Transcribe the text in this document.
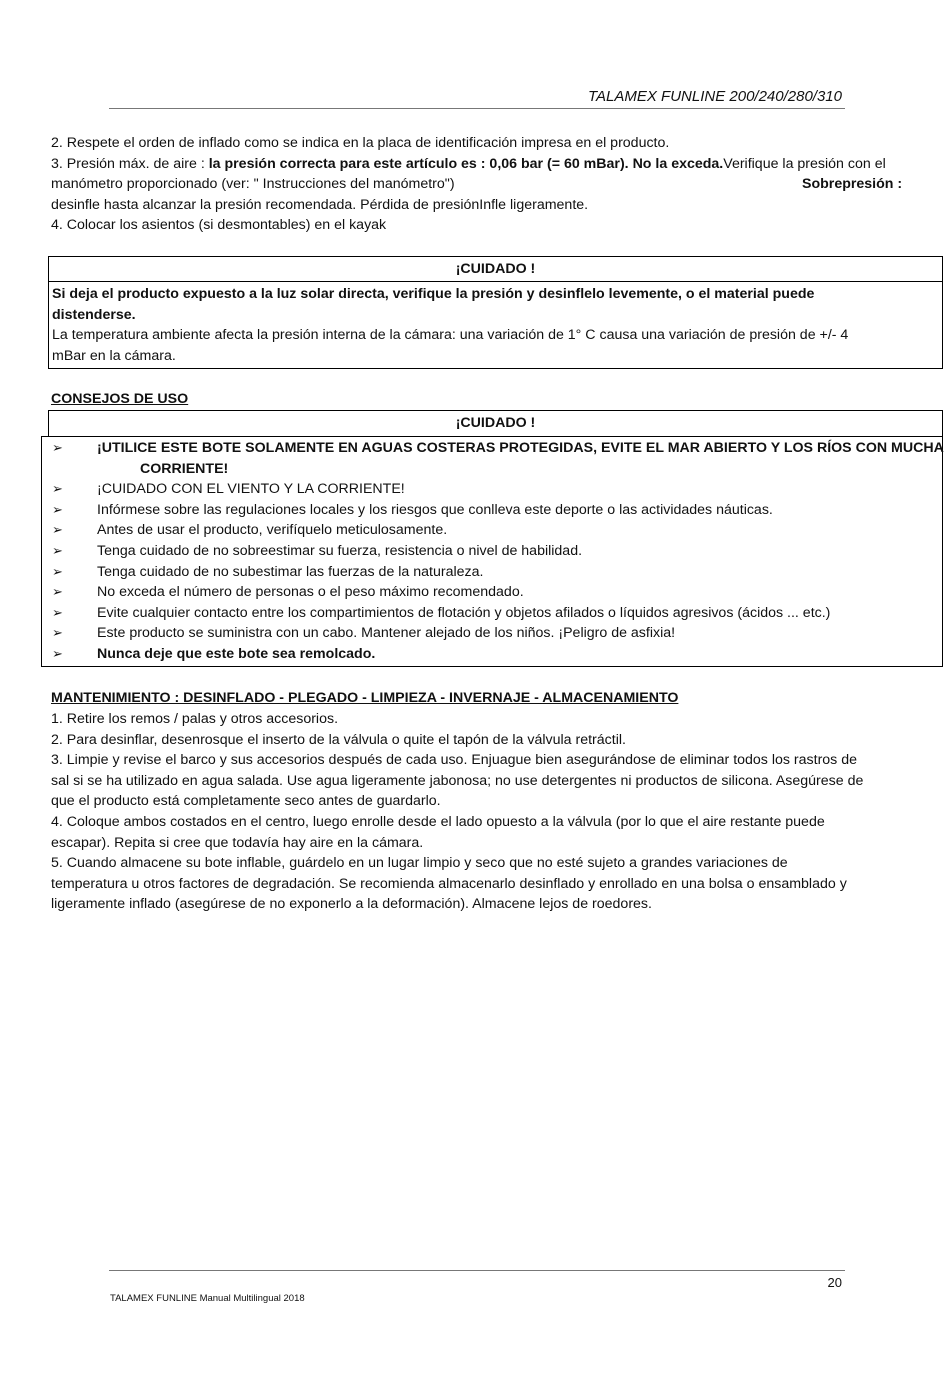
TALAMEX FUNLINE 200/240/280/310
2. Respete el orden de inflado como se indica en la placa de identificación impresa en el producto.
3. Presión máx. de aire : la presión correcta para este artículo es : 0,06 bar (= 60 mBar). No la exceda.Verifique la presión con el
manómetro proporcionado (ver: " Instrucciones del manómetro")	Sobrepresión :
desinfle hasta alcanzar la presión recomendada. Pérdida de presiónInfle ligeramente.
4. Colocar los asientos (si desmontables) en el kayak
¡CUIDADO !
Si deja el producto expuesto a la luz solar directa, verifique la presión y desinflelo levemente, o el material puede
distenderse.
La temperatura ambiente afecta la presión interna de la cámara: una variación de 1° C causa una variación de presión de +/- 4
mBar en la cámara.
CONSEJOS DE USO
¡CUIDADO !
➢ ¡UTILICE ESTE BOTE SOLAMENTE EN AGUAS COSTERAS PROTEGIDAS, EVITE EL MAR ABIERTO Y LOS RÍOS CON MUCHA
CORRIENTE!
➢ ¡CUIDADO CON EL VIENTO Y LA CORRIENTE!
➢ Infórmese sobre las regulaciones locales y los riesgos que conlleva este deporte o las actividades náuticas.
➢ Antes de usar el producto, verifíquelo meticulosamente.
➢ Tenga cuidado de no sobreestimar su fuerza, resistencia o nivel de habilidad.
➢ Tenga cuidado de no subestimar las fuerzas de la naturaleza.
➢ No exceda el número de personas o el peso máximo recomendado.
➢ Evite cualquier contacto entre los compartimientos de flotación y objetos afilados o líquidos agresivos (ácidos ... etc.)
➢ Este producto se suministra con un cabo. Mantener alejado de los niños. ¡Peligro de asfixia!
➢ Nunca deje que este bote sea remolcado.
MANTENIMIENTO : DESINFLADO - PLEGADO - LIMPIEZA - INVERNAJE - ALMACENAMIENTO
1. Retire los remos / palas y otros accesorios.
2. Para desinflar, desenrosque el inserto de la válvula o quite el tapón de la válvula retráctil.
3. Limpie y revise el barco y sus accesorios después de cada uso. Enjuague bien asegurándose de eliminar todos los rastros de
sal si se ha utilizado en agua salada. Use agua ligeramente jabonosa; no use detergentes ni productos de silicona. Asegúrese de
que el producto está completamente seco antes de guardarlo.
4. Coloque ambos costados en el centro, luego enrolle desde el lado opuesto a la válvula (por lo que el aire restante puede
escapar). Repita si cree que todavía hay aire en la cámara.
5. Cuando almacene su bote inflable, guárdelo en un lugar limpio y seco que no esté sujeto a grandes variaciones de
temperatura u otros factores de degradación. Se recomienda almacenarlo desinflado y enrollado en una bolsa o ensamblado y
ligeramente inflado (asegúrese de no exponerlo a la deformación). Almacene lejos de roedores.
20
TALAMEX FUNLINE Manual Multilingual 2018
